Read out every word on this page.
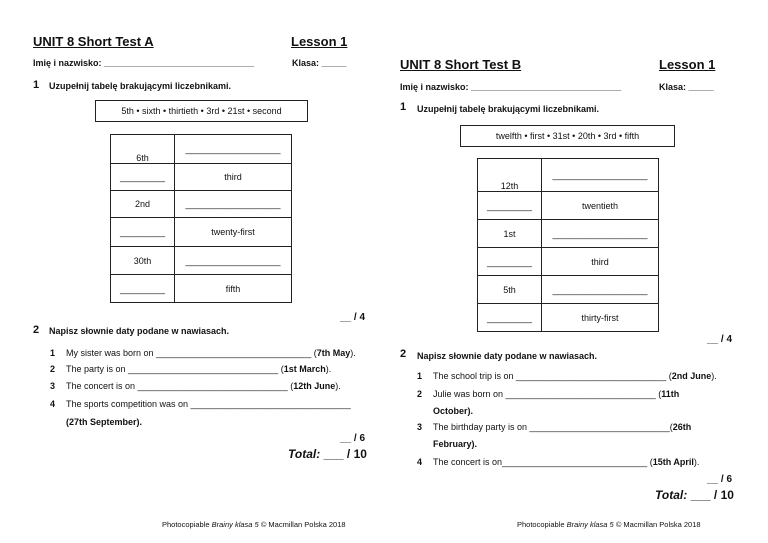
UNIT 8 Short Test A	Lesson 1
Imię i nazwisko: ______________________________	Klasa: _____
1 Uzupełnij tabelę brakującymi liczebnikami.
5th • sixth • thirtieth • 3rd • 21st • second
6th	___________________
_________	third
2nd	___________________
_________	twenty-first
30th	___________________
_________	fifth
__ / 4
2 Napisz słownie daty podane w nawiasach.
1 My sister was born on _______________________________ (7th May).
2 The party is on ______________________________ (1st March).
3 The concert is on ______________________________ (12th June).
4 The sports competition was on ________________________________
(27th September).
__ / 6
Total: ___ / 10
Photocopiable Brainy klasa 5 © Macmillan Polska 2018
UNIT 8 Short Test B	Lesson 1
Imię i nazwisko: ______________________________	Klasa: _____
1 Uzupełnij tabelę brakującymi liczebnikami.
twelfth • first • 31st • 20th • 3rd • fifth
12th	___________________
_________	twentieth
1st	___________________
_________	third
5th	___________________
_________	thirty-first
__ / 4
2 Napisz słownie daty podane w nawiasach.
1 The school trip is on ______________________________ (2nd June).
2 Julie was born on ______________________________ (11th
October).
3 The birthday party is on ____________________________(26th
February).
4 The concert is on_____________________________ (15th April).
__ / 6
Total: ___ / 10
Photocopiable Brainy klasa 5 © Macmillan Polska 2018
